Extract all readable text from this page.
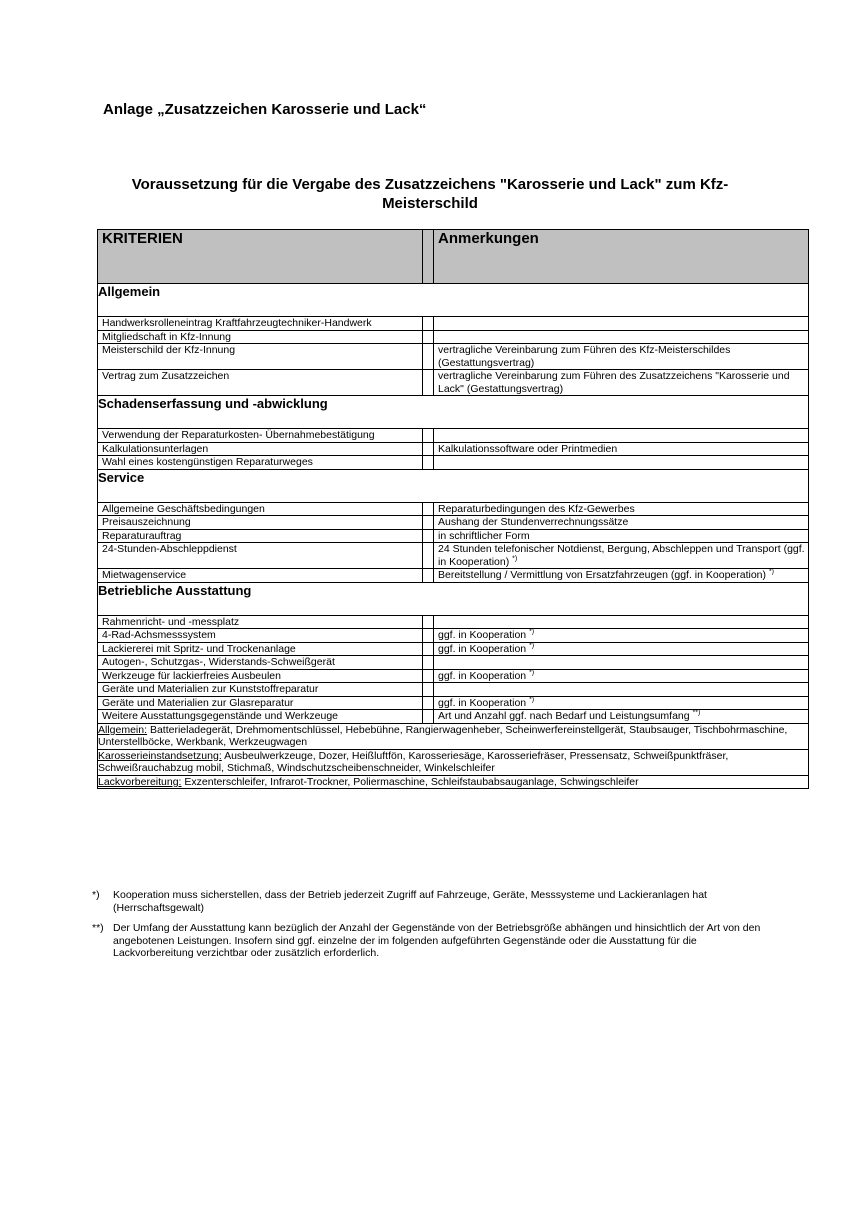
Anlage „Zusatzzeichen Karosserie und Lack“
Voraussetzung für die Vergabe des Zusatzzeichens "Karosserie und Lack" zum Kfz-Meisterschild
KRITERIEN		Anmerkungen
Allgemein		
Handwerksrolleneintrag Kraftfahrzeugtechniker-Handwerk		
Mitgliedschaft in Kfz-Innung		
Meisterschild der Kfz-Innung		vertragliche Vereinbarung zum Führen des Kfz-Meisterschildes (Gestattungsvertrag)
Vertrag zum Zusatzzeichen		vertragliche Vereinbarung zum Führen des Zusatzzeichens "Karosserie und Lack" (Gestattungsvertrag)
Schadenserfassung und -abwicklung		
Verwendung der Reparaturkosten- Übernahmebestätigung		
Kalkulationsunterlagen		Kalkulationssoftware oder Printmedien
Wahl eines kostengünstigen Reparaturweges		
Service		
Allgemeine Geschäftsbedingungen		Reparaturbedingungen des Kfz-Gewerbes
Preisauszeichnung		Aushang der Stundenverrechnungssätze
Reparaturauftrag		in schriftlicher Form
24-Stunden-Abschleppdienst		24 Stunden telefonischer Notdienst, Bergung, Abschleppen und Transport (ggf. in Kooperation) *)
Mietwagenservice		Bereitstellung / Vermittlung von Ersatzfahrzeugen (ggf. in Kooperation) *)
Betriebliche Ausstattung		
Rahmenricht- und -messplatz		
4-Rad-Achsmesssystem		ggf. in Kooperation *)
Lackiererei mit Spritz- und Trockenanlage		ggf. in Kooperation *)
Autogen-, Schutzgas-, Widerstands-Schweißgerät		
Werkzeuge für lackierfreies Ausbeulen		ggf. in Kooperation *)
Geräte und Materialien zur Kunststoffreparatur		
Geräte und Materialien zur Glasreparatur		ggf. in Kooperation *)
Weitere Ausstattungsgegenstände und Werkzeuge		Art und Anzahl ggf. nach Bedarf und Leistungsumfang **)
Allgemein: Batterieladegerät, Drehmomentschlüssel, Hebebühne, Rangierwagenheber, Scheinwerfereinstellgerät, Staubsauger, Tischbohrmaschine, Unterstellböcke, Werkbank, Werkzeugwagen		
Karosserieinstandsetzung: Ausbeulwerkzeuge, Dozer, Heißluftfön, Karosseriesäge, Karosseriefräser, Pressensatz, Schweißpunktfräser, Schweißrauchabzug mobil, Stichmaß, Windschutzscheibenschneider, Winkelschleifer		
Lackvorbereitung: Exzenterschleifer, Infrarot-Trockner, Poliermaschine, Schleifstaubabsauganlage, Schwingschleifer		
*)	Kooperation muss sicherstellen, dass der Betrieb jederzeit Zugriff auf Fahrzeuge, Geräte, Messsysteme und Lackieranlagen hat (Herrschaftsgewalt)
**) Der Umfang der Ausstattung kann bezüglich der Anzahl der Gegenstände von der Betriebsgröße abhängen und hinsichtlich der Art von den angebotenen Leistungen. Insofern sind ggf. einzelne der im folgenden aufgeführten Gegenstände oder die Ausstattung für die Lackvorbereitung verzichtbar oder zusätzlich erforderlich.
